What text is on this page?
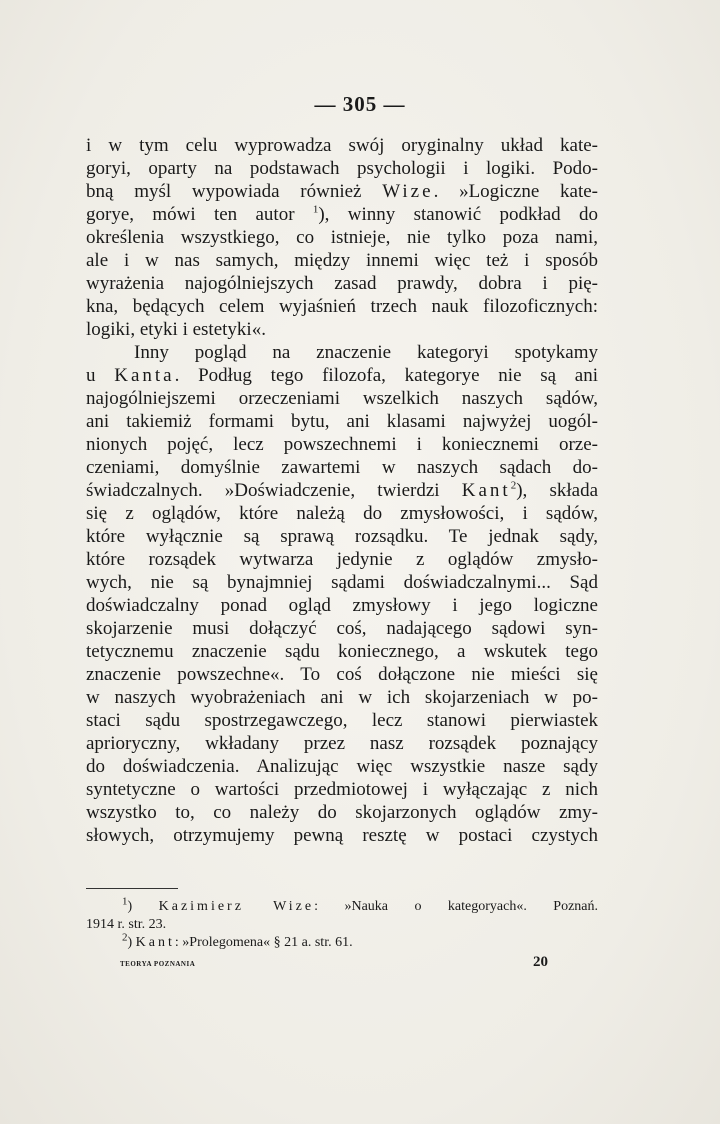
— 305 —
i w tym celu wyprowadza swój oryginalny układ kate-
goryi, oparty na podstawach psychologii i logiki. Podo-
bną myśl wypowiada również Wize. »Logiczne kate-
gorye, mówi ten autor $^1$), winny stanowić podkład do
określenia wszystkiego, co istnieje, nie tylko poza nami,
ale i w nas samych, między innemi więc też i sposób
wyrażenia najogólniejszych zasad prawdy, dobra i pię-
kna, będących celem wyjaśnień trzech nauk filozoficznych:
logiki, etyki i estetyki«.
Inny pogląd na znaczenie kategoryi spotykamy
u Kanta. Podług tego filozofa, kategorye nie są ani
najogólniejszemi orzeczeniami wszelkich naszych sądów,
ani takiemiż formami bytu, ani klasami najwyżej uogól-
nionych pojęć, lecz powszechnemi i koniecznemi orze-
czeniami, domyślnie zawartemi w naszych sądach do-
świadczalnych. »Doświadczenie, twierdzi Kant$^2$), składa
się z oglądów, które należą do zmysłowości, i sądów,
które wyłącznie są sprawą rozsądku. Te jednak sądy,
które rozsądek wytwarza jedynie z oglądów zmysło-
wych, nie są bynajmniej sądami doświadczalnymi... Sąd
doświadczalny ponad ogląd zmysłowy i jego logiczne
skojarzenie musi dołączyć coś, nadającego sądowi syn-
tetycznemu znaczenie sądu koniecznego, a wskutek tego
znaczenie powszechne«. To coś dołączone nie mieści się
w naszych wyobrażeniach ani w ich skojarzeniach w po-
staci sądu spostrzegawczego, lecz stanowi pierwiastek
aprioryczny, wkładany przez nasz rozsądek poznający
do doświadczenia. Analizując więc wszystkie nasze sądy
syntetyczne o wartości przedmiotowej i wyłączając z nich
wszystko to, co należy do skojarzonych oglądów zmy-
słowych, otrzymujemy pewną resztę w postaci czystych
$^1$) Kazimierz Wize: »Nauka o kategoryach«. Poznań.
1914 r. str. 23.
$^2$) Kant: »Prolegomena« § 21 a. str. 61.
TEORYA POZNANIA	20
